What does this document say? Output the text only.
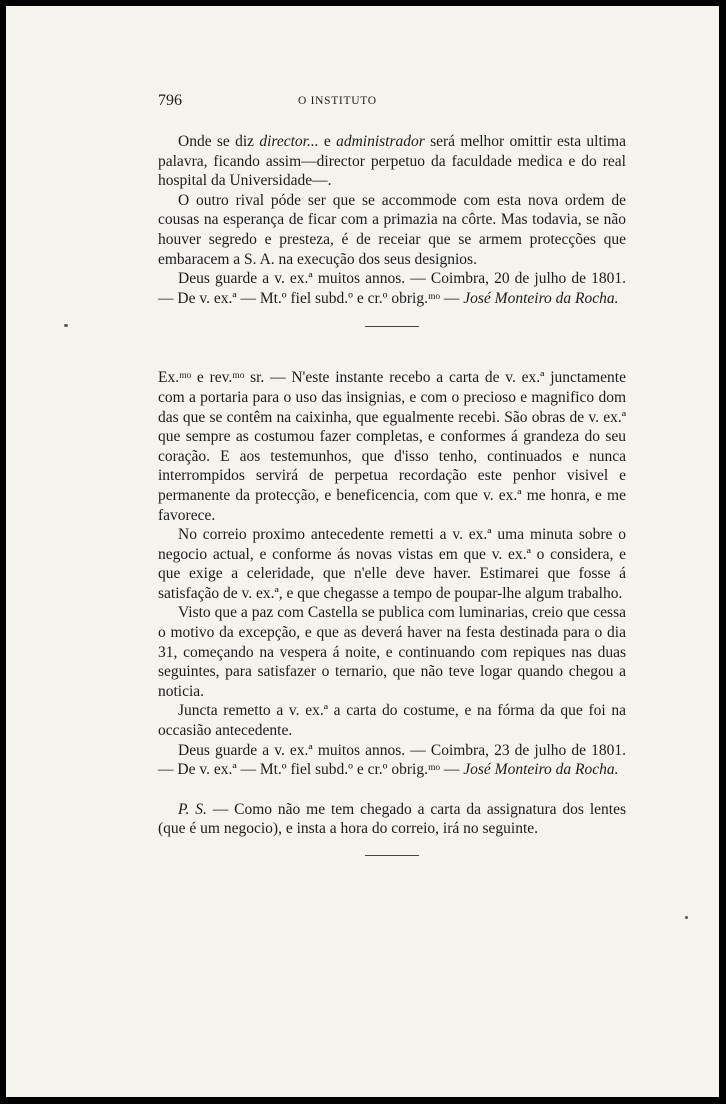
796	O INSTITUTO

Onde se diz director... e administrador será melhor omittir esta ultima palavra, ficando assim—director perpetuo da faculdade medica e do real hospital da Universidade—.

O outro rival póde ser que se accommode com esta nova ordem de cousas na esperança de ficar com a primazia na côrte. Mas todavia, se não houver segredo e presteza, é de receiar que se armem protecções que embaracem a S. A. na execução dos seus designios.

Deus guarde a v. ex.ª muitos annos. — Coimbra, 20 de julho de 1801. — De v. ex.ª — Mt.º fiel subd.º e cr.º obrig.ᵐᵒ — José Monteiro da Rocha.

Ex.ᵐᵒ e rev.ᵐᵒ sr. — N'este instante recebo a carta de v. ex.ª junctamente com a portaria para o uso das insignias, e com o precioso e magnifico dom das que se contêm na caixinha, que egualmente recebi. São obras de v. ex.ª que sempre as costumou fazer completas, e conformes á grandeza do seu coração. E aos testemunhos, que d'isso tenho, continuados e nunca interrompidos servirá de perpetua recordação este penhor visivel e permanente da protecção, e beneficencia, com que v. ex.ª me honra, e me favorece.

No correio proximo antecedente remetti a v. ex.ª uma minuta sobre o negocio actual, e conforme ás novas vistas em que v. ex.ª o considera, e que exige a celeridade, que n'elle deve haver. Estimarei que fosse á satisfação de v. ex.ª, e que chegasse a tempo de poupar-lhe algum trabalho.

Visto que a paz com Castella se publica com luminarias, creio que cessa o motivo da excepção, e que as deverá haver na festa destinada para o dia 31, começando na vespera á noite, e continuando com repiques nas duas seguintes, para satisfazer o ternario, que não teve logar quando chegou a noticia.

Juncta remetto a v. ex.ª a carta do costume, e na fórma da que foi na occasião antecedente.

Deus guarde a v. ex.ª muitos annos. — Coimbra, 23 de julho de 1801. — De v. ex.ª — Mt.º fiel subd.º e cr.º obrig.ᵐᵒ — José Monteiro da Rocha.

P. S. — Como não me tem chegado a carta da assignatura dos lentes (que é um negocio), e insta a hora do correio, irá no seguinte.
